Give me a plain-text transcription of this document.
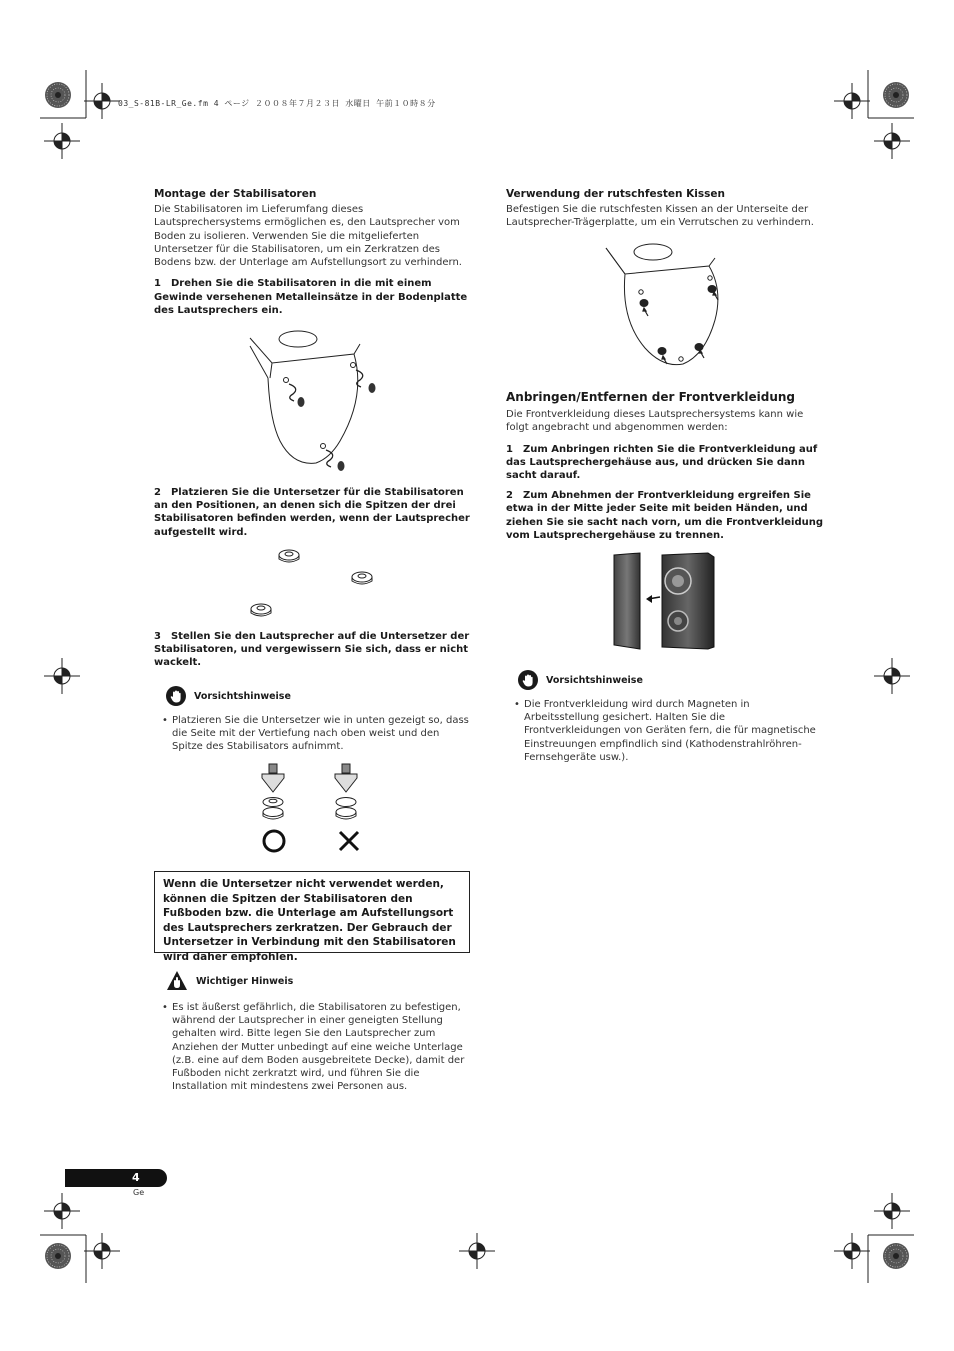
03_S-81B-LR_Ge.fm 4 ページ ２００８年７月２３日 水曜日 午前１０時８分

Montage der Stabilisatoren

Die Stabilisatoren im Lieferumfang dieses Lautsprechersystems ermöglichen es, den Lautsprecher vom Boden zu isolieren. Verwenden Sie die mitgelieferten Untersetzer für die Stabilisatoren, um ein Zerkratzen des Bodens bzw. der Unterlage am Aufstellungsort zu verhindern.

1 Drehen Sie die Stabilisatoren in die mit einem Gewinde versehenen Metalleinsätze in der Bodenplatte des Lautsprechers ein.

2 Platzieren Sie die Untersetzer für die Stabilisatoren an den Positionen, an denen sich die Spitzen der drei Stabilisatoren befinden werden, wenn der Lautsprecher aufgestellt wird.

3 Stellen Sie den Lautsprecher auf die Untersetzer der Stabilisatoren, und vergewissern Sie sich, dass er nicht wackelt.

Vorsichtshinweise

• Platzieren Sie die Untersetzer wie in unten gezeigt so, dass die Seite mit der Vertiefung nach oben weist und den Spitze des Stabilisators aufnimmt.

Wenn die Untersetzer nicht verwendet werden, können die Spitzen der Stabilisatoren den Fußboden bzw. die Unterlage am Aufstellungsort des Lautsprechers zerkratzen. Der Gebrauch der Untersetzer in Verbindung mit den Stabilisatoren wird daher empfohlen.
Wichtiger Hinweis

• Es ist äußerst gefährlich, die Stabilisatoren zu befestigen, während der Lautsprecher in einer geneigten Stellung gehalten wird. Bitte legen Sie den Lautsprecher zum Anziehen der Mutter unbedingt auf eine weiche Unterlage (z.B. eine auf dem Boden ausgebreitete Decke), damit der Fußboden nicht zerkratzt wird, und führen Sie die Installation mit mindestens zwei Personen aus.

Verwendung der rutschfesten Kissen

Befestigen Sie die rutschfesten Kissen an der Unterseite der Lautsprecher-Trägerplatte, um ein Verrutschen zu verhindern.

Anbringen/Entfernen der Frontverkleidung

Die Frontverkleidung dieses Lautsprechersystems kann wie folgt angebracht und abgenommen werden:

1 Zum Anbringen richten Sie die Frontverkleidung auf das Lautsprechergehäuse aus, und drücken Sie dann sacht darauf.

2 Zum Abnehmen der Frontverkleidung ergreifen Sie etwa in der Mitte jeder Seite mit beiden Händen, und ziehen Sie sie sacht nach vorn, um die Frontverkleidung vom Lautsprechergehäuse zu trennen.

Vorsichtshinweise

• Die Frontverkleidung wird durch Magneten in Arbeitsstellung gesichert. Halten Sie die Frontverkleidungen von Geräten fern, die für magnetische Einstreuungen empfindlich sind (Kathodenstrahlröhren-Fernsehgeräte usw.).

4
Ge
